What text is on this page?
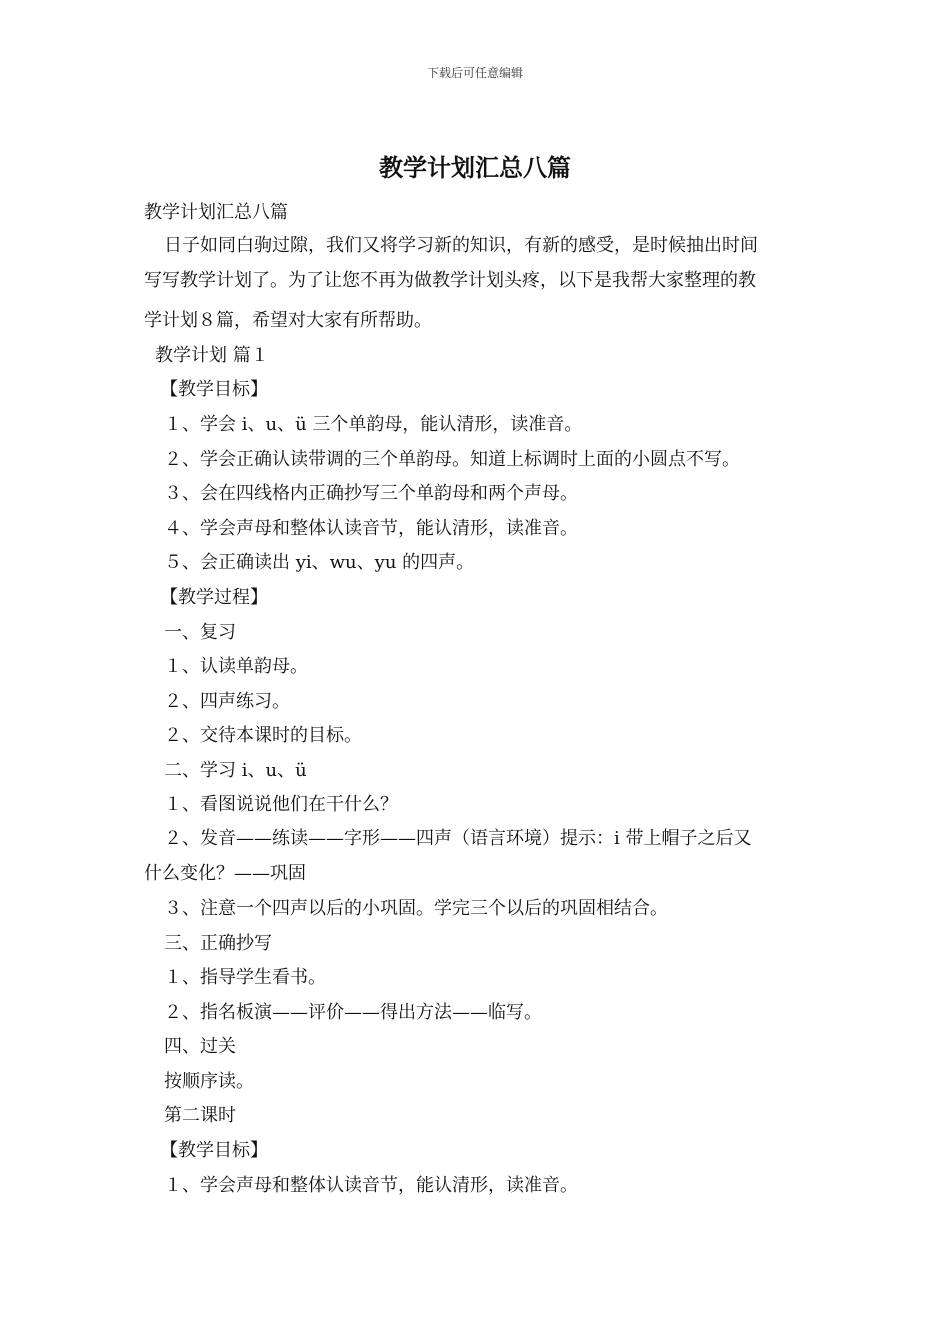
下载后可任意编辑
教学计划汇总八篇
教学计划汇总八篇
日子如同白驹过隙，我们又将学习新的知识，有新的感受，是时候抽出时间
写写教学计划了。为了让您不再为做教学计划头疼，以下是我帮大家整理的教
学计划８篇，希望对大家有所帮助。
教学计划 篇１
【教学目标】
１、学会 i、u、ü 三个单韵母，能认清形，读准音。
２、学会正确认读带调的三个单韵母。知道上标调时上面的小圆点不写。
３、会在四线格内正确抄写三个单韵母和两个声母。
４、学会声母和整体认读音节，能认清形，读准音。
５、会正确读出 yi、wu、yu 的四声。
【教学过程】
一、复习
１、认读单韵母。
２、四声练习。
２、交待本课时的目标。
二、学习 i、u、ü
１、看图说说他们在干什么？
２、发音——练读——字形——四声（语言环境）提示：i 带上帽子之后又
什么变化？——巩固
３、注意一个四声以后的小巩固。学完三个以后的巩固相结合。
三、正确抄写
１、指导学生看书。
２、指名板演——评价——得出方法——临写。
四、过关
按顺序读。
第二课时
【教学目标】
１、学会声母和整体认读音节，能认清形，读准音。
